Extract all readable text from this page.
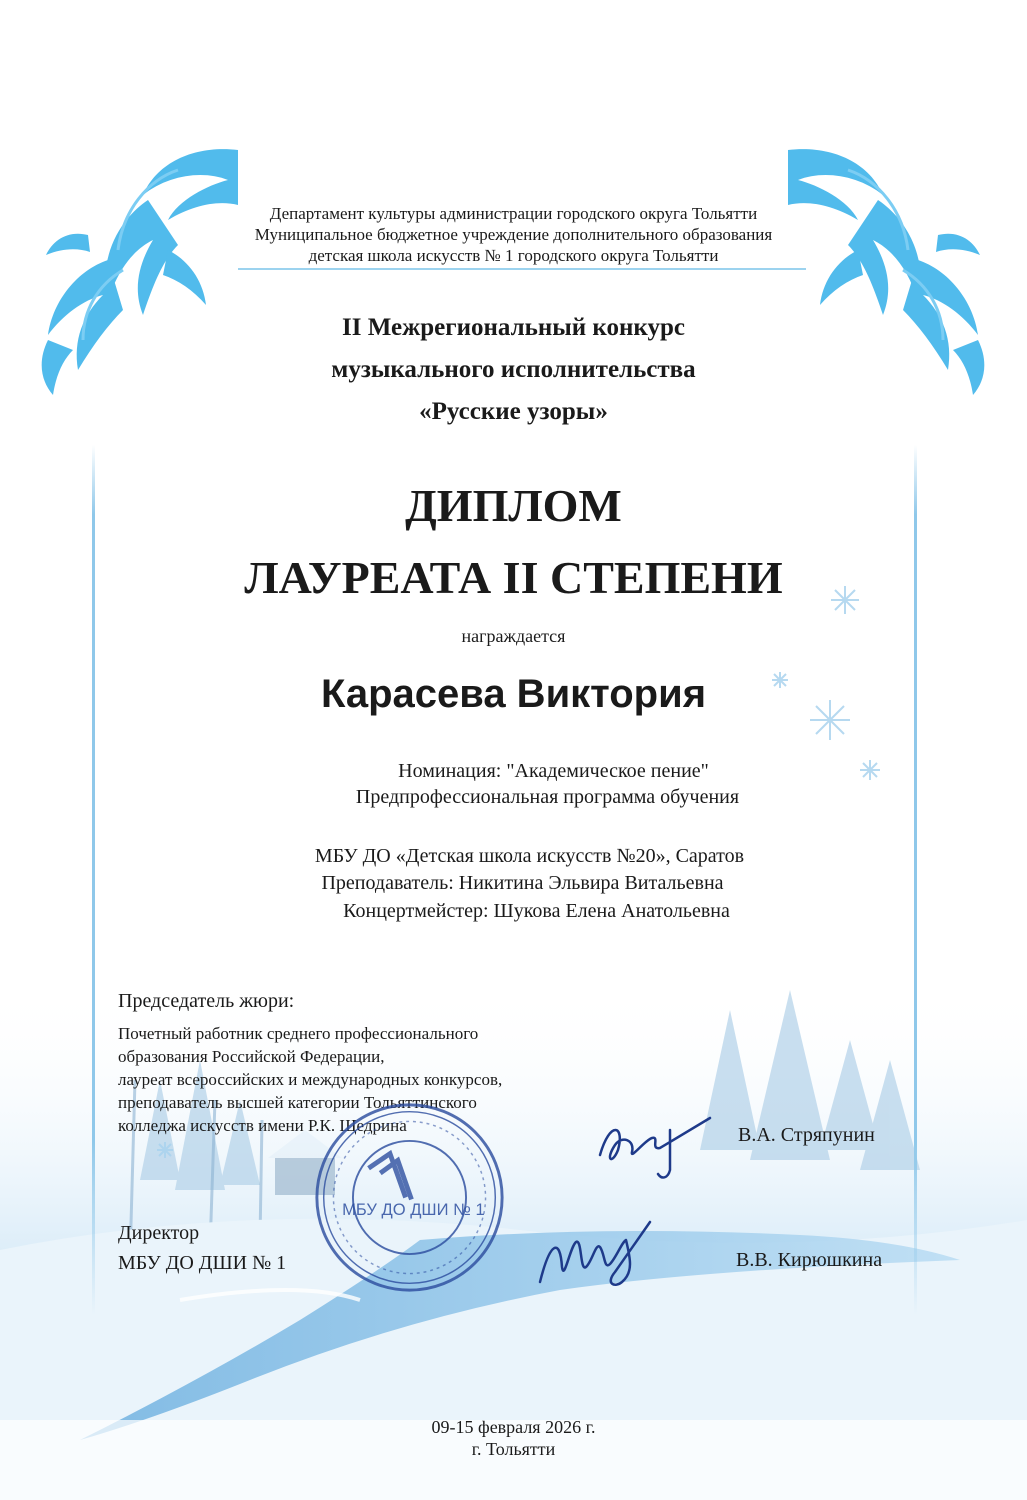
Департамент культуры администрации городского округа Тольятти
Муниципальное бюджетное учреждение дополнительного образования
детская школа искусств № 1 городского округа Тольятти
II Межрегиональный конкурс
музыкального исполнительства
«Русские узоры»
ДИПЛОМ
ЛАУРЕАТА II СТЕПЕНИ
награждается
Карасева Виктория
Номинация: "Академическое пение"
Предпрофессиональная программа обучения
МБУ ДО «Детская школа искусств №20», Саратов
Преподаватель: Никитина Эльвира Витальевна
Концертмейстер: Шукова Елена Анатольевна
Председатель жюри:
Почетный работник среднего профессионального
образования Российской Федерации,
лауреат всероссийских и международных конкурсов,
преподаватель высшей категории Тольяттинского
колледжа искусств имени Р.К. Щедрина	В.А. Стряпунин
МБУ ДО ДШИ № 1
Директор
МБУ ДО ДШИ № 1	В.В. Кирюшкина
09-15 февраля 2026 г.
г. Тольятти
